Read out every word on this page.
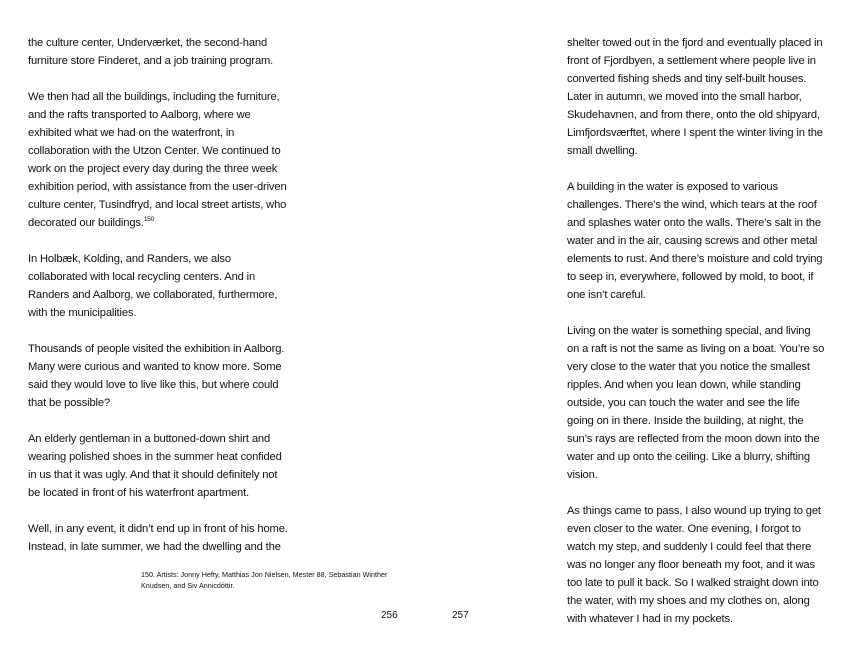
the culture center, Underværket, the second-hand furniture store Finderet, and a job training program.

We then had all the buildings, including the furniture, and the rafts transported to Aalborg, where we exhibited what we had on the waterfront, in collaboration with the Utzon Center. We continued to work on the project every day during the three week exhibition period, with assistance from the user-driven culture center, Tusindfryd, and local street artists, who decorated our buildings.$^{150}$

In Holbæk, Kolding, and Randers, we also collaborated with local recycling centers. And in Randers and Aalborg, we collaborated, furthermore, with the municipalities.

Thousands of people visited the exhibition in Aalborg. Many were curious and wanted to know more. Some said they would love to live like this, but where could that be possible?

An elderly gentleman in a buttoned-down shirt and wearing polished shoes in the summer heat confided in us that it was ugly. And that it should definitely not be located in front of his waterfront apartment.

Well, in any event, it didn’t end up in front of his home. Instead, in late summer, we had the dwelling and the

150. Artists: Jonny Hefty, Matthias Jon Nielsen, Mester 88, Sebastian Winther Knudsen, and Siv Annicdóttir.
256

shelter towed out in the fjord and eventually placed in front of Fjordbyen, a settlement where people live in converted fishing sheds and tiny self-built houses. Later in autumn, we moved into the small harbor, Skudehavnen, and from there, onto the old shipyard, Limfjordsværftet, where I spent the winter living in the small dwelling.

A building in the water is exposed to various challenges. There’s the wind, which tears at the roof and splashes water onto the walls. There’s salt in the water and in the air, causing screws and other metal elements to rust. And there’s moisture and cold trying to seep in, everywhere, followed by mold, to boot, if one isn’t careful.

Living on the water is something special, and living on a raft is not the same as living on a boat. You’re so very close to the water that you notice the smallest ripples. And when you lean down, while standing outside, you can touch the water and see the life going on in there. Inside the building, at night, the sun’s rays are reflected from the moon down into the water and up onto the ceiling. Like a blurry, shifting vision.

As things came to pass, I also wound up trying to get even closer to the water. One evening, I forgot to watch my step, and suddenly I could feel that there was no longer any floor beneath my foot, and it was too late to pull it back. So I walked straight down into the water, with my shoes and my clothes on, along with whatever I had in my pockets.

257
